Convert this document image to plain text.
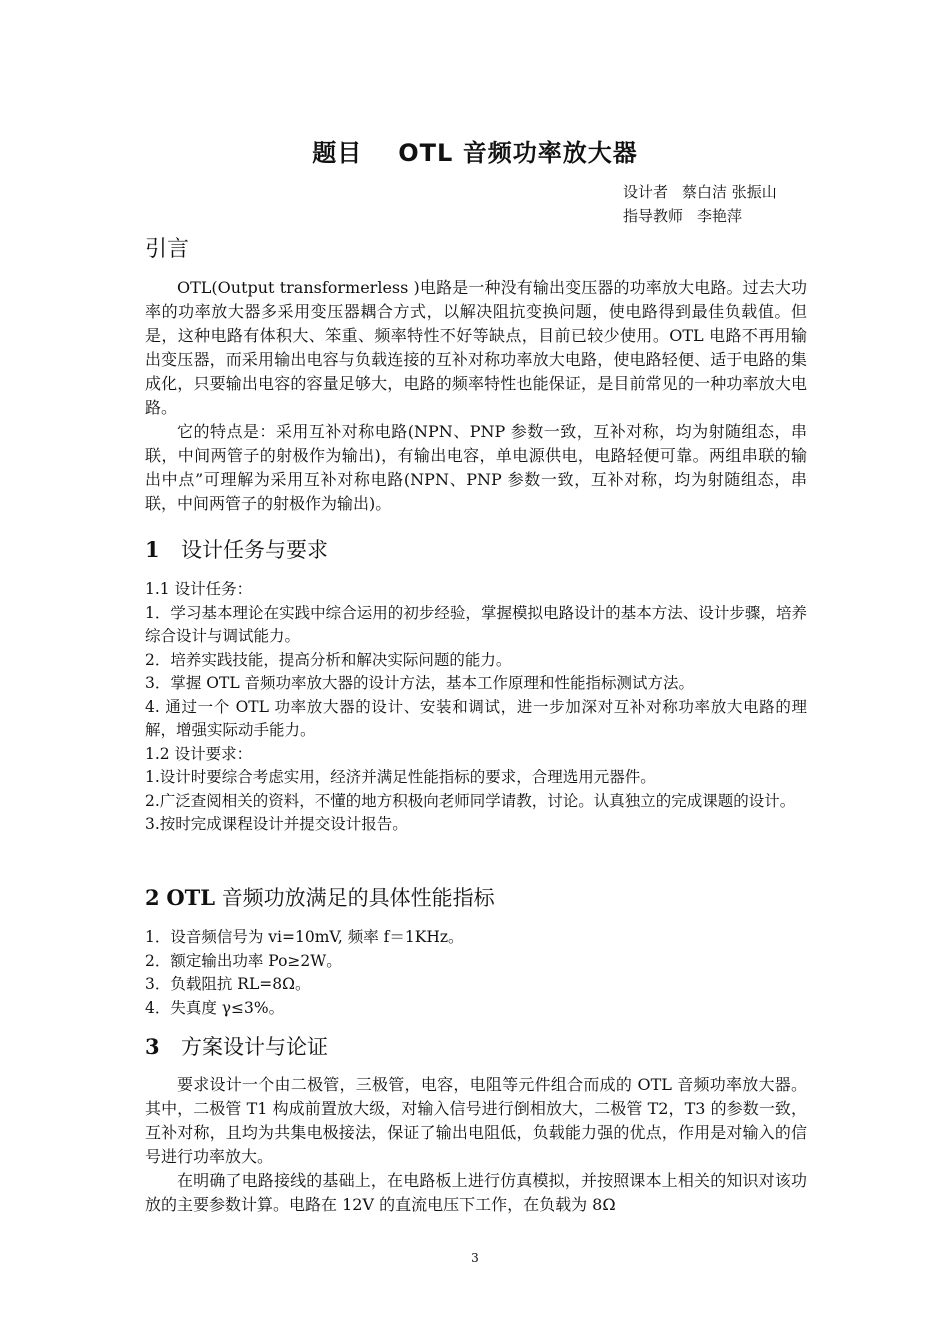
题目 OTL 音频功率放大器
设计者 蔡白洁 张振山
指导教师 李艳萍
引言

OTL(Output transformerless )电路是一种没有输出变压器的功率放大电路。过去大功率的功率放大器多采用变压器耦合方式，以解决阻抗变换问题，使电路得到最佳负载值。但是，这种电路有体积大、笨重、频率特性不好等缺点，目前已较少使用。OTL 电路不再用输出变压器，而采用输出电容与负载连接的互补对称功率放大电路，使电路轻便、适于电路的集成化，只要输出电容的容量足够大，电路的频率特性也能保证，是目前常见的一种功率放大电路。

它的特点是：采用互补对称电路(NPN、PNP 参数一致，互补对称，均为射随组态，串联，中间两管子的射极作为输出)，有输出电容，单电源供电，电路轻便可靠。两组串联的输出中点”可理解为采用互补对称电路(NPN、PNP 参数一致，互补对称，均为射随组态，串联，中间两管子的射极作为输出)。

1 设计任务与要求
1.1 设计任务：
1．学习基本理论在实践中综合运用的初步经验，掌握模拟电路设计的基本方法、设计步骤，培养综合设计与调试能力。
2．培养实践技能，提高分析和解决实际问题的能力。
3．掌握 OTL 音频功率放大器的设计方法，基本工作原理和性能指标测试方法。
4. 通过一个 OTL 功率放大器的设计、安装和调试，进一步加深对互补对称功率放大电路的理解，增强实际动手能力。
1.2 设计要求：
1.设计时要综合考虑实用，经济并满足性能指标的要求，合理选用元器件。
2.广泛查阅相关的资料，不懂的地方积极向老师同学请教，讨论。认真独立的完成课题的设计。
3.按时完成课程设计并提交设计报告。
2 OTL 音频功放满足的具体性能指标
1．设音频信号为 vi=10mV, 频率 f＝1KHz。
2．额定输出功率 Po≥2W。
3．负载阻抗 RL=8Ω。
4．失真度 γ≤3%。
3 方案设计与论证

要求设计一个由二极管，三极管，电容，电阻等元件组合而成的 OTL 音频功率放大器。其中，二极管 T1 构成前置放大级，对输入信号进行倒相放大，二极管 T2，T3 的参数一致，互补对称，且均为共集电极接法，保证了输出电阻低，负载能力强的优点，作用是对输入的信号进行功率放大。

在明确了电路接线的基础上，在电路板上进行仿真模拟，并按照课本上相关的知识对该功放的主要参数计算。电路在 12V 的直流电压下工作，在负载为 8Ω

3
